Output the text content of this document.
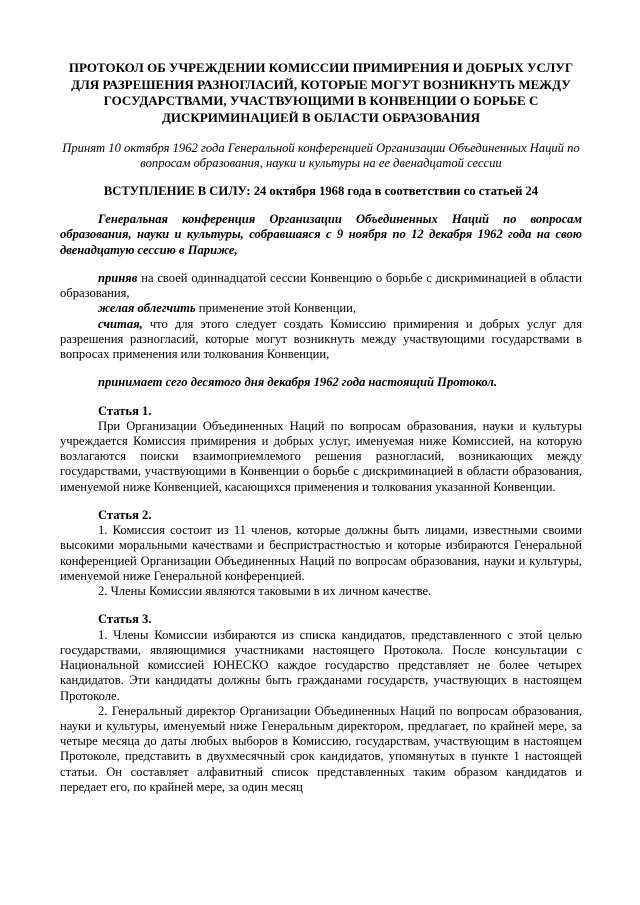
ПРОТОКОЛ ОБ УЧРЕЖДЕНИИ КОМИССИИ ПРИМИРЕНИЯ И ДОБРЫХ УСЛУГ ДЛЯ РАЗРЕШЕНИЯ РАЗНОГЛАСИЙ, КОТОРЫЕ МОГУТ ВОЗНИКНУТЬ МЕЖДУ ГОСУДАРСТВАМИ, УЧАСТВУЮЩИМИ В КОНВЕНЦИИ О БОРЬБЕ С ДИСКРИМИНАЦИЕЙ В ОБЛАСТИ ОБРАЗОВАНИЯ

Принят 10 октября 1962 года Генеральной конференцией Организации Объединенных Наций по вопросам образования, науки и культуры на ее двенадцатой сессии

ВСТУПЛЕНИЕ В СИЛУ: 24 октября 1968 года в соответствии со статьей 24

Генеральная конференция Организации Объединенных Наций по вопросам образования, науки и культуры, собравшаяся с 9 ноября по 12 декабря 1962 года на свою двенадцатую сессию в Париже,

приняв на своей одиннадцатой сессии Конвенцию о борьбе с дискриминацией в области образования,

желая облегчить применение этой Конвенции,

считая, что для этого следует создать Комиссию примирения и добрых услуг для разрешения разногласий, которые могут возникнуть между участвующими государствами в вопросах применения или толкования Конвенции,

принимает сего десятого дня декабря 1962 года настоящий Протокол.

Статья 1.

При Организации Объединенных Наций по вопросам образования, науки и культуры учреждается Комиссия примирения и добрых услуг, именуемая ниже Комиссией, на которую возлагаются поиски взаимоприемлемого решения разногласий, возникающих между государствами, участвующими в Конвенции о борьбе с дискриминацией в области образования, именуемой ниже Конвенцией, касающихся применения и толкования указанной Конвенции.

Статья 2.

1. Комиссия состоит из 11 членов, которые должны быть лицами, известными своими высокими моральными качествами и беспристрастностью и которые избираются Генеральной конференцией Организации Объединенных Наций по вопросам образования, науки и культуры, именуемой ниже Генеральной конференцией.

2. Члены Комиссии являются таковыми в их личном качестве.

Статья 3.

1. Члены Комиссии избираются из списка кандидатов, представленного с этой целью государствами, являющимися участниками настоящего Протокола. После консультации с Национальной комиссией ЮНЕСКО каждое государство представляет не более четырех кандидатов. Эти кандидаты должны быть гражданами государств, участвующих в настоящем Протоколе.

2. Генеральный директор Организации Объединенных Наций по вопросам образования, науки и культуры, именуемый ниже Генеральным директором, предлагает, по крайней мере, за четыре месяца до даты любых выборов в Комиссию, государствам, участвующим в настоящем Протоколе, представить в двухмесячный срок кандидатов, упомянутых в пункте 1 настоящей статьи. Он составляет алфавитный список представленных таким образом кандидатов и передает его, по крайней мере, за один месяц
